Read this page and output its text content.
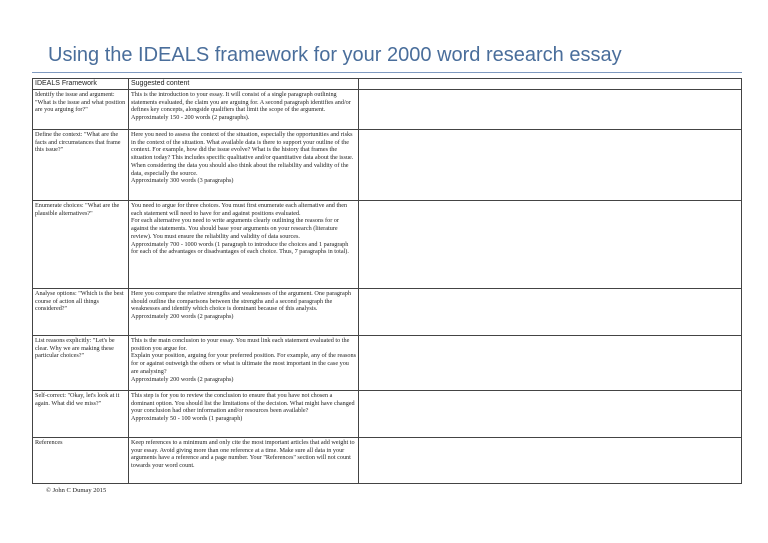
Using the IDEALS framework for your 2000 word research essay
IDEALS Framework	Suggested content	
Identify the issue and argument: "What is the issue and what position are you arguing for?"	This is the introduction to your essay. It will consist of a single paragraph outlining statements evaluated, the claim you are arguing for. A second paragraph identifies and/or defines key concepts, alongside qualifiers that limit the scope of the argument.
Approximately 150 - 200 words (2 paragraphs).	

Define the context: "What are the facts and circumstances that frame this issue?"	Here you need to assess the context of the situation, especially the opportunities and risks in the context of the situation. What available data is there to support your outline of the context. For example, how did the issue evolve? What is the history that frames the situation today? This includes specific qualitative and/or quantitative data about the issue. When considering the data you should also think about the reliability and validity of the data, especially the source.
Approximately 300 words (3 paragraphs)	

Enumerate choices: "What are the plausible alternatives?"	You need to argue for three choices. You must first enumerate each alternative and then each statement will need to have for and against positions evaluated.
For each alternative you need to write arguments clearly outlining the reasons for or against the statements. You should base your arguments on your research (literature review). You must ensure the reliability and validity of data sources.
Approximately 700 - 1000 words (1 paragraph to introduce the choices and 1 paragraph for each of the advantages or disadvantages of each choice. Thus, 7 paragraphs in total).	

Analyse options: "Which is the best course of action all things considered?"	Here you compare the relative strengths and weaknesses of the argument. One paragraph should outline the comparisons between the strengths and a second paragraph the weaknesses and identify which choice is dominant because of this analysis.
Approximately 200 words (2 paragraphs)	

List reasons explicitly: "Let's be clear. Why we are making these particular choices?"	This is the main conclusion to your essay. You must link each statement evaluated to the position you argue for.
Explain your position, arguing for your preferred position. For example, any of the reasons for or against outweigh the others or what is ultimate the most important in the case you are analysing?
Approximately 200 words (2 paragraphs)	

Self-correct: "Okay, let's look at it again. What did we miss?"	This step is for you to review the conclusion to ensure that you have not chosen a dominant option. You should list the limitations of the decision. What might have changed your conclusion had other information and/or resources been available?
Approximately 50 - 100 words (1 paragraph)	

References	Keep references to a minimum and only cite the most important articles that add weight to your essay. Avoid giving more than one reference at a time. Make sure all data in your arguments have a reference and a page number. Your "References" section will not count towards your word count.	

© John C Dumay 2015
